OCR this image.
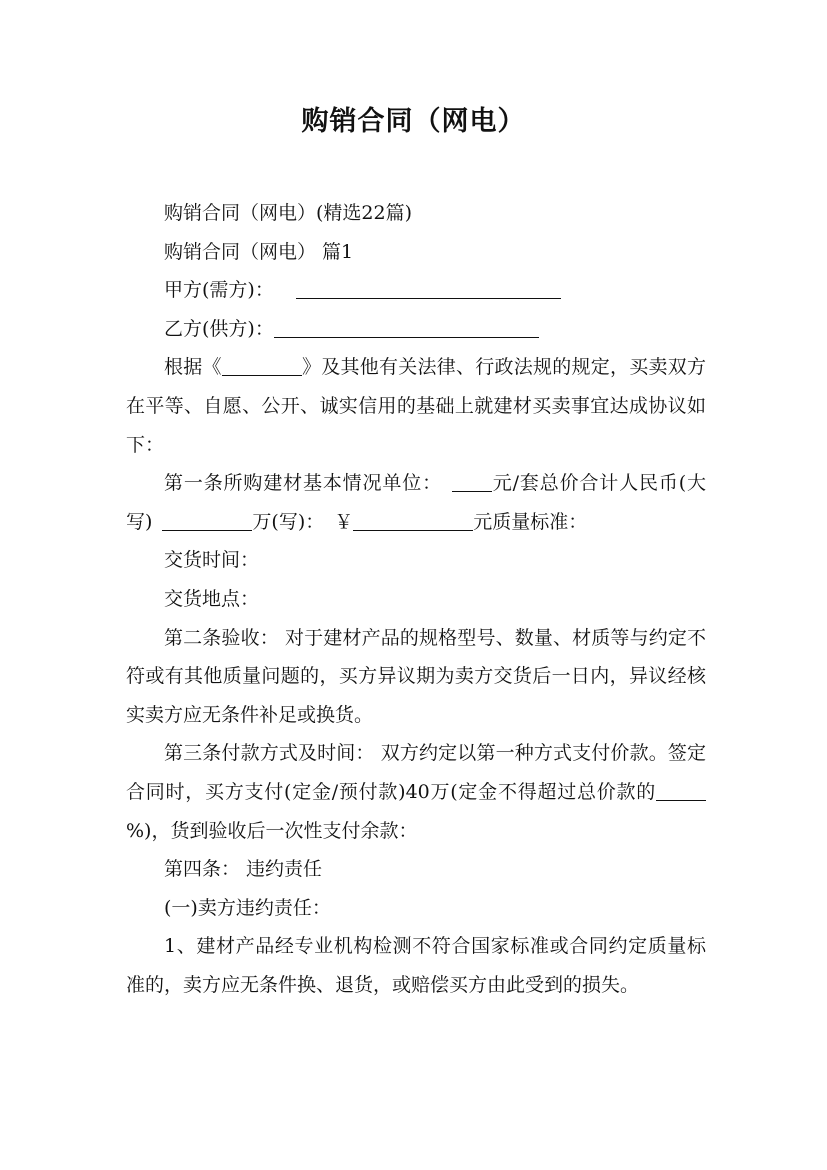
购销合同（网电）

购销合同（网电）(精选22篇)

购销合同（网电） 篇1

甲方(需方)：

乙方(供方)：

根据《	》及其他有关法律、行政法规的规定，买卖双方在平等、自愿、公开、诚实信用的基础上就建材买卖事宜达成协议如下：

第一条所购建材基本情况单位：	元/套总价合计人民币(大写)	万(写)： ￥	元质量标准：

交货时间：

交货地点：

第二条验收： 对于建材产品的规格型号、数量、材质等与约定不符或有其他质量问题的，买方异议期为卖方交货后一日内，异议经核实卖方应无条件补足或换货。

第三条付款方式及时间： 双方约定以第一种方式支付价款。签定合同时，买方支付(定金/预付款)40万(定金不得超过总价款的%)，货到验收后一次性支付余款：

第四条： 违约责任

(一)卖方违约责任：

1、建材产品经专业机构检测不符合国家标准或合同约定质量标准的，卖方应无条件换、退货，或赔偿买方由此受到的损失。
